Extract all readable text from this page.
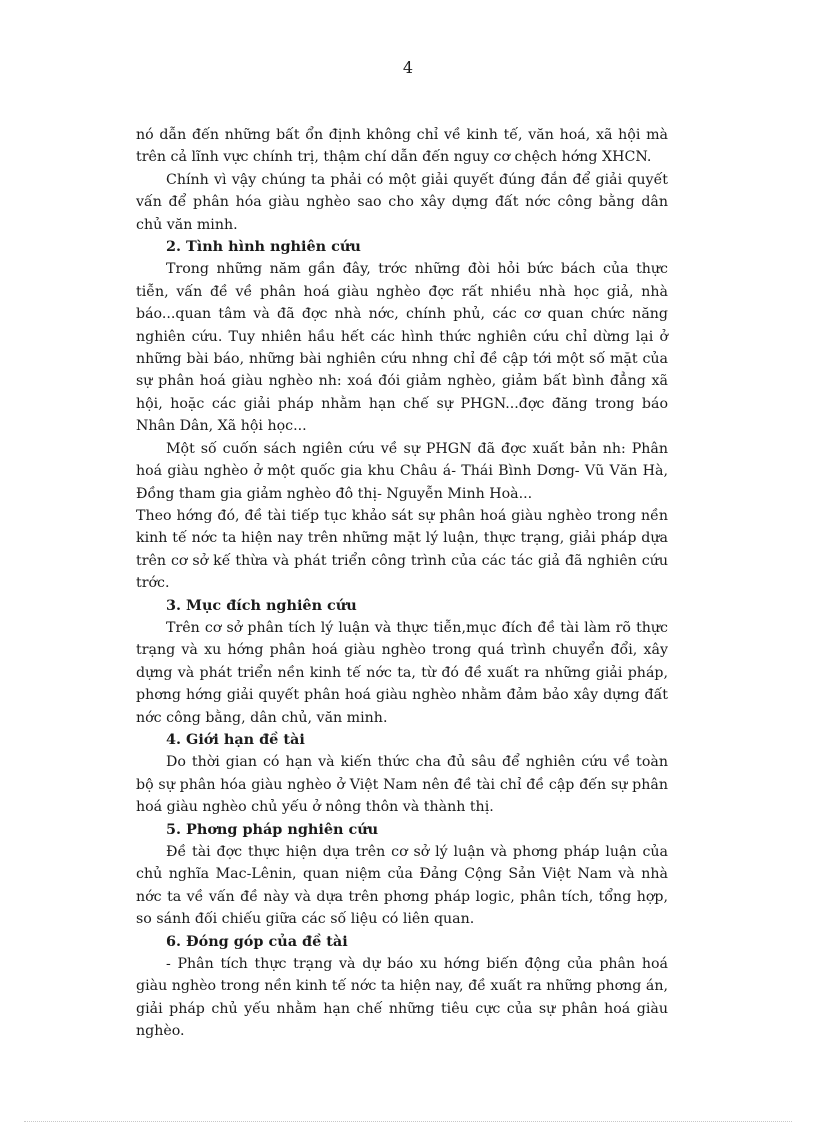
4

nó dẫn đến những bất ổn định không chỉ về kinh tế, văn hoá, xã hội mà trên cả lĩnh vực chính trị, thậm chí dẫn đến nguy cơ chệch hớng XHCN.

Chính vì vậy chúng ta phải có một giải quyết đúng đắn để giải quyết vấn để phân hóa giàu nghèo sao cho xây dựng đất nớc công bằng dân chủ văn minh.

2. Tình hình nghiên cứu

Trong những năm gần đây, trớc những đòi hỏi bức bách của thực tiễn, vấn đề về phân hoá giàu nghèo đợc rất nhiều nhà học giả, nhà báo...quan tâm và đã đợc nhà nớc, chính phủ, các cơ quan chức năng nghiên cứu. Tuy nhiên hầu hết các hình thức nghiên cứu chỉ dừng lại ở những bài báo, những bài nghiên cứu nhng chỉ đề cập tới một số mặt của sự phân hoá giàu nghèo nh: xoá đói giảm nghèo, giảm bất bình đẳng xã hội, hoặc các giải pháp nhằm hạn chế sự PHGN...đợc đăng trong báo Nhân Dân, Xã hội học...

Một số cuốn sách ngiên cứu về sự PHGN đã đợc xuất bản nh: Phân hoá giàu nghèo ở một quốc gia khu Châu á- Thái Bình Dơng- Vũ Văn Hà, Đồng tham gia giảm nghèo đô thị- Nguyễn Minh Hoà...

Theo hớng đó, đề tài tiếp tục khảo sát sự phân hoá giàu nghèo trong nền kinh tế nớc ta hiện nay trên những mặt lý luận, thực trạng, giải pháp dựa trên cơ sở kế thừa và phát triển công trình của các tác giả đã nghiên cứu trớc.

3. Mục đích nghiên cứu

Trên cơ sở phân tích lý luận và thực tiễn,mục đích đề tài làm rõ thực trạng và xu hớng phân hoá giàu nghèo trong quá trình chuyển đổi, xây dựng và phát triển nền kinh tế nớc ta, từ đó đề xuất ra những giải pháp, phơng hớng giải quyết phân hoá giàu nghèo nhằm đảm bảo xây dựng đất nớc công bằng, dân chủ, văn minh.

4. Giới hạn đề tài

Do thời gian có hạn và kiến thức cha đủ sâu để nghiên cứu về toàn bộ sự phân hóa giàu nghèo ở Việt Nam nên đề tài chỉ đề cập đến sự phân hoá giàu nghèo chủ yếu ở nông thôn và thành thị.

5. Phơng pháp nghiên cứu

Đề tài đợc thực hiện dựa trên cơ sở lý luận và phơng pháp luận của chủ nghĩa Mac-Lênin, quan niệm của Đảng Cộng Sản Việt Nam và nhà nớc ta về vấn đề này và dựa trên phơng pháp logic, phân tích, tổng hợp, so sánh đối chiếu giữa các số liệu có liên quan.

6. Đóng góp của đề tài

- Phân tích thực trạng và dự báo xu hớng biến động của phân hoá giàu nghèo trong nền kinh tế nớc ta hiện nay, đề xuất ra những phơng án, giải pháp chủ yếu nhằm hạn chế những tiêu cực của sự phân hoá giàu nghèo.
